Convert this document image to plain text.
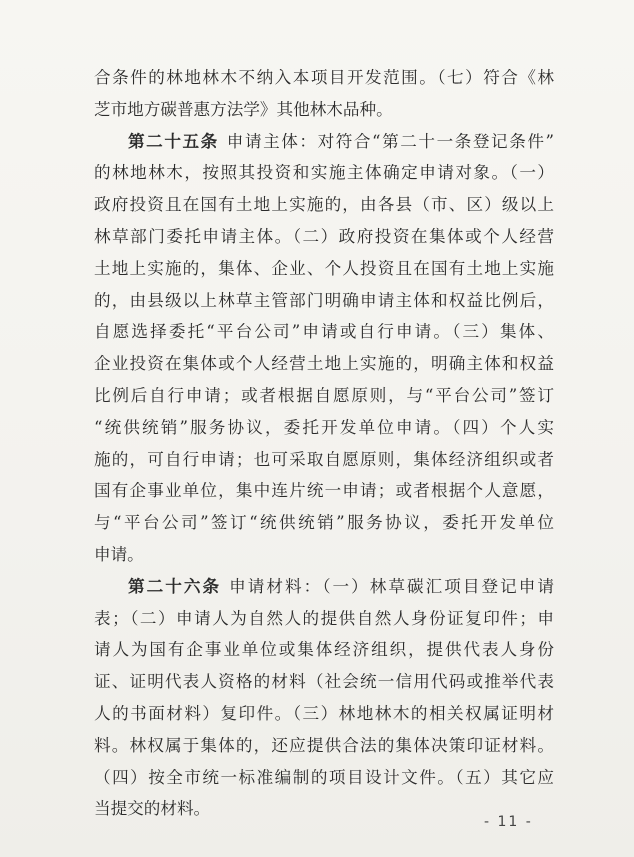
合条件的林地林木不纳入本项目开发范围。（七）符合《林
芝市地方碳普惠方法学》其他林木品种。
第二十五条 申请主体：对符合“第二十一条登记条件”
的林地林木，按照其投资和实施主体确定申请对象。（一）
政府投资且在国有土地上实施的，由各县（市、区）级以上
林草部门委托申请主体。（二）政府投资在集体或个人经营
土地上实施的，集体、企业、个人投资且在国有土地上实施
的，由县级以上林草主管部门明确申请主体和权益比例后，
自愿选择委托“平台公司”申请或自行申请。（三）集体、
企业投资在集体或个人经营土地上实施的，明确主体和权益
比例后自行申请；或者根据自愿原则，与“平台公司”签订
“统供统销”服务协议，委托开发单位申请。（四）个人实
施的，可自行申请；也可采取自愿原则，集体经济组织或者
国有企事业单位，集中连片统一申请；或者根据个人意愿，
与“平台公司”签订“统供统销”服务协议，委托开发单位
申请。
第二十六条 申请材料：（一）林草碳汇项目登记申请
表；（二）申请人为自然人的提供自然人身份证复印件；申
请人为国有企事业单位或集体经济组织，提供代表人身份
证、证明代表人资格的材料（社会统一信用代码或推举代表
人的书面材料）复印件。（三）林地林木的相关权属证明材
料。林权属于集体的，还应提供合法的集体决策印证材料。
（四）按全市统一标准编制的项目设计文件。（五）其它应
当提交的材料。
- 11 -
